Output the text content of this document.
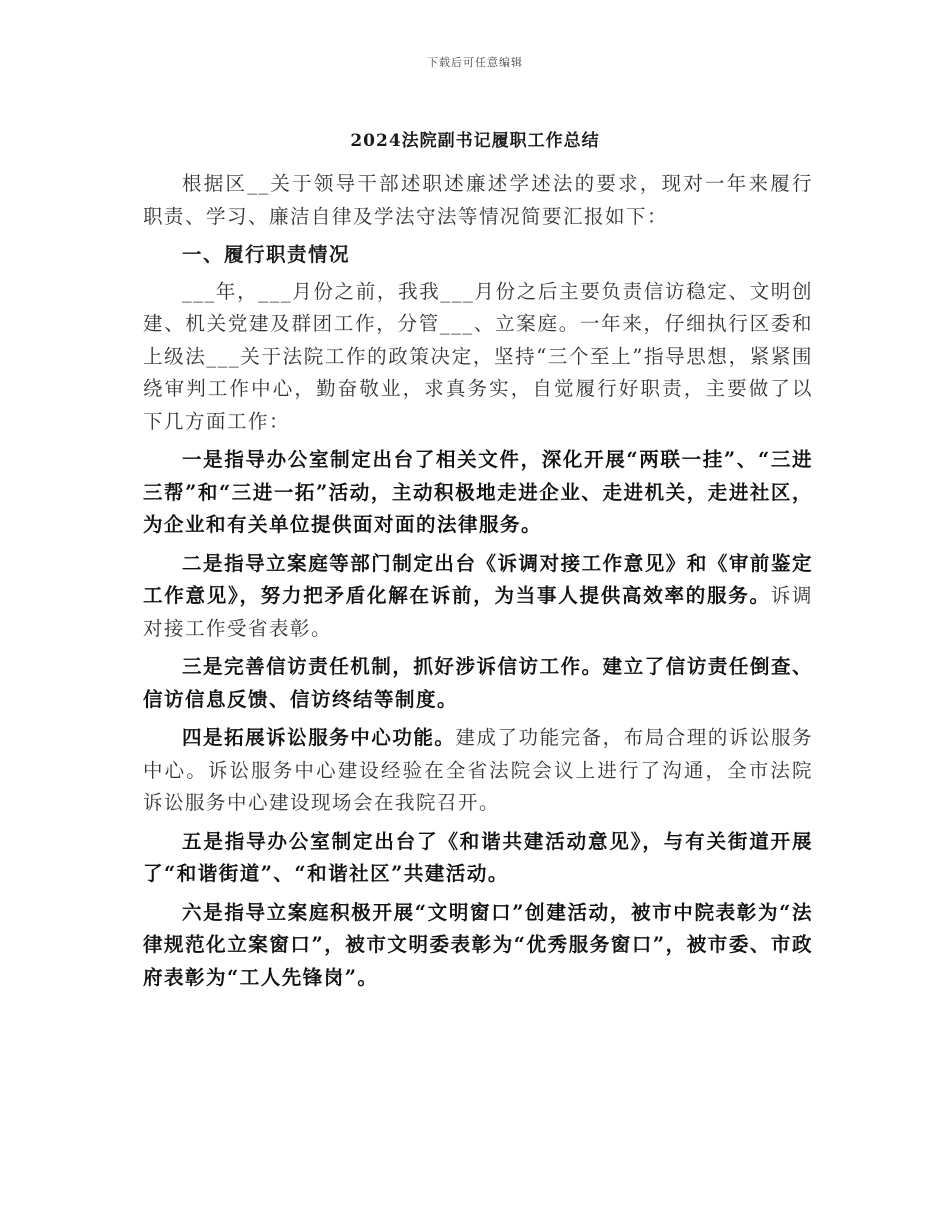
下载后可任意编辑
2024法院副书记履职工作总结

根据区__关于领导干部述职述廉述学述法的要求，现对一年来履行职责、学习、廉洁自律及学法守法等情况简要汇报如下：

一、履行职责情况

___年，___月份之前，我我___月份之后主要负责信访稳定、文明创建、机关党建及群团工作，分管___、立案庭。一年来，仔细执行区委和上级法___关于法院工作的政策决定，坚持“三个至上”指导思想，紧紧围绕审判工作中心，勤奋敬业，求真务实，自觉履行好职责，主要做了以下几方面工作：

一是指导办公室制定出台了相关文件，深化开展“两联一挂”、“三进三帮”和“三进一拓”活动，主动积极地走进企业、走进机关，走进社区，为企业和有关单位提供面对面的法律服务。

二是指导立案庭等部门制定出台《诉调对接工作意见》和《审前鉴定工作意见》，努力把矛盾化解在诉前，为当事人提供高效率的服务。诉调对接工作受省表彰。

三是完善信访责任机制，抓好涉诉信访工作。建立了信访责任倒查、信访信息反馈、信访终结等制度。

四是拓展诉讼服务中心功能。建成了功能完备，布局合理的诉讼服务中心。诉讼服务中心建设经验在全省法院会议上进行了沟通，全市法院诉讼服务中心建设现场会在我院召开。

五是指导办公室制定出台了《和谐共建活动意见》，与有关街道开展了“和谐街道”、“和谐社区”共建活动。

六是指导立案庭积极开展“文明窗口”创建活动，被市中院表彰为“法律规范化立案窗口”，被市文明委表彰为“优秀服务窗口”，被市委、市政府表彰为“工人先锋岗”。
